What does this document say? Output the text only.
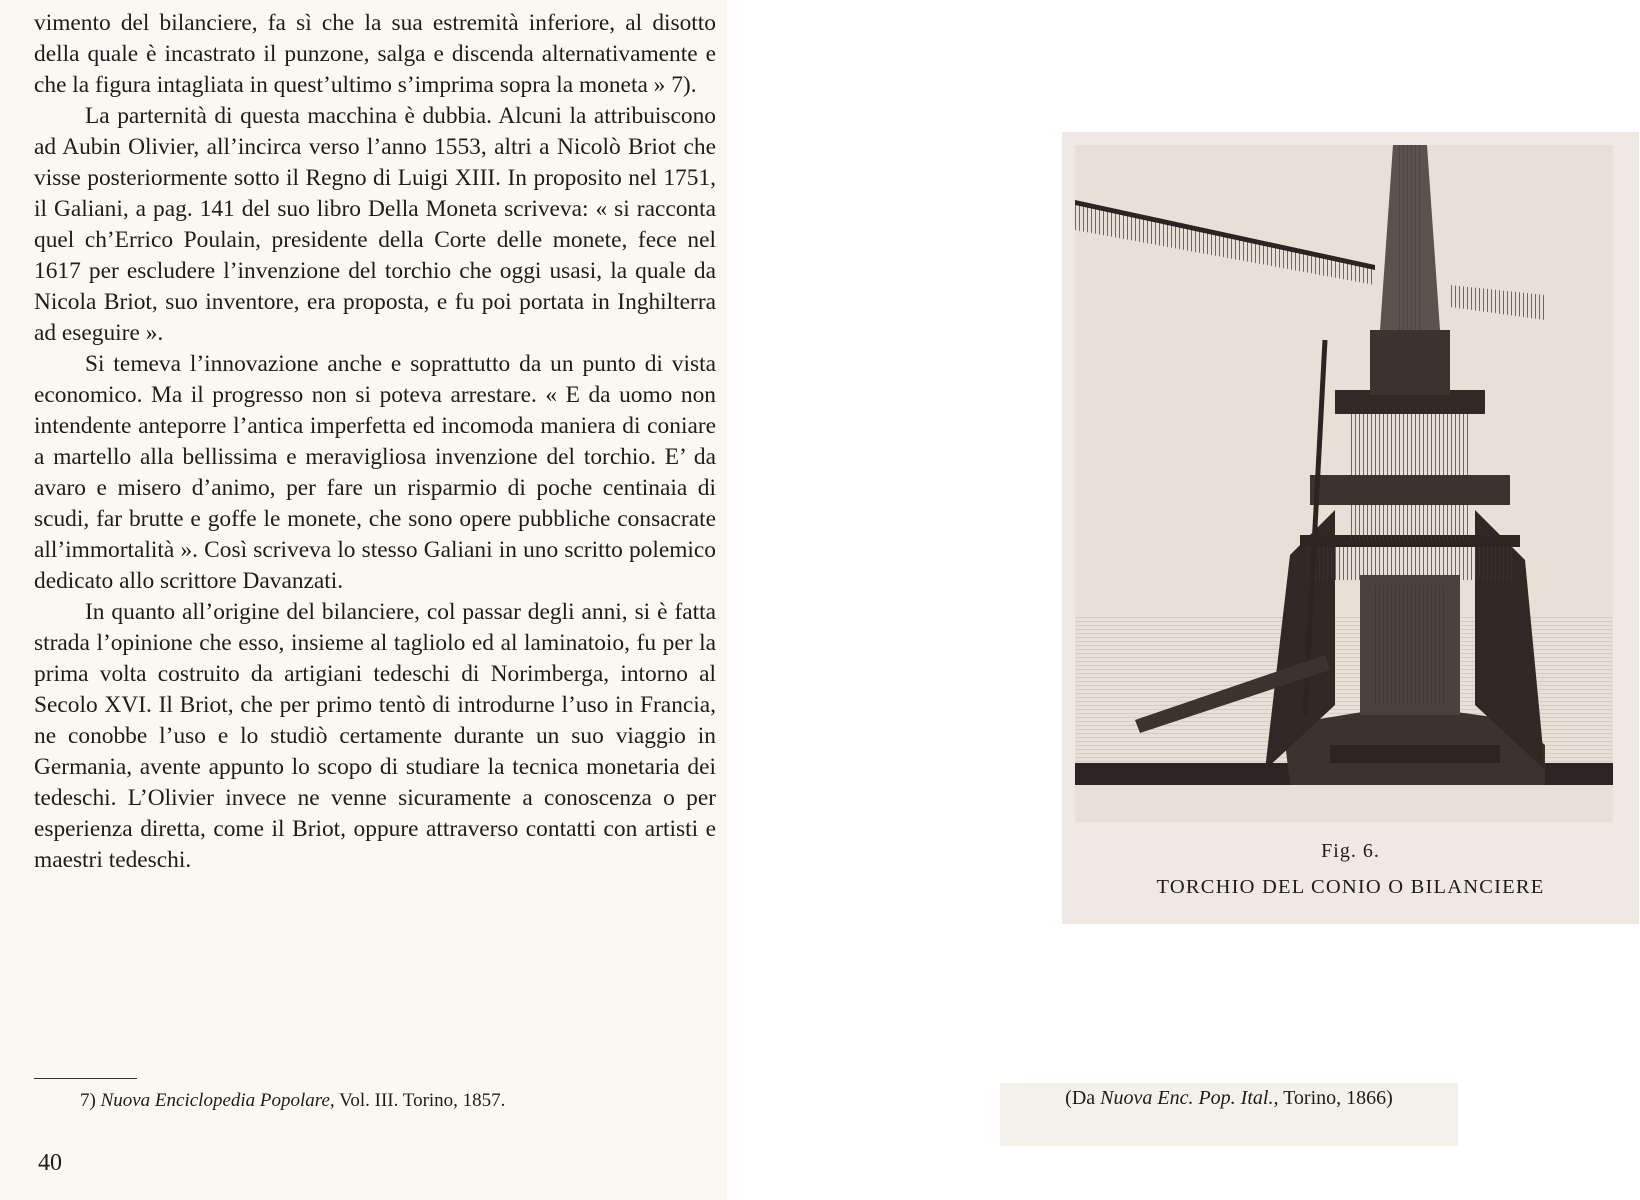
vimento del bilanciere, fa sì che la sua estremità inferiore, al disotto della quale è incastrato il punzone, salga e discenda alternativamente e che la figura intagliata in quest’ultimo s’imprima sopra la moneta » 7).

La parternità di questa macchina è dubbia. Alcuni la attribuiscono ad Aubin Olivier, all’incirca verso l’anno 1553, altri a Nicolò Briot che visse posteriormente sotto il Regno di Luigi XIII. In proposito nel 1751, il Galiani, a pag. 141 del suo libro Della Moneta scriveva: « si racconta quel ch’Errico Poulain, presidente della Corte delle monete, fece nel 1617 per escludere l’invenzione del torchio che oggi usasi, la quale da Nicola Briot, suo inventore, era proposta, e fu poi portata in Inghilterra ad eseguire ».

Si temeva l’innovazione anche e soprattutto da un punto di vista economico. Ma il progresso non si poteva arrestare. « E da uomo non intendente anteporre l’antica imperfetta ed incomoda maniera di coniare a martello alla bellissima e meravigliosa invenzione del torchio. E’ da avaro e misero d’animo, per fare un risparmio di poche centinaia di scudi, far brutte e goffe le monete, che sono opere pubbliche consacrate all’immortalità ». Così scriveva lo stesso Galiani in uno scritto polemico dedicato allo scrittore Davanzati.

In quanto all’origine del bilanciere, col passar degli anni, si è fatta strada l’opinione che esso, insieme al tagliolo ed al laminatoio, fu per la prima volta costruito da artigiani tedeschi di Norimberga, intorno al Secolo XVI. Il Briot, che per primo tentò di introdurne l’uso in Francia, ne conobbe l’uso e lo studiò certamente durante un suo viaggio in Germania, avente appunto lo scopo di studiare la tecnica monetaria dei tedeschi. L’Olivier invece ne venne sicuramente a conoscenza o per esperienza diretta, come il Briot, oppure attraverso contatti con artisti e maestri tedeschi.

7) Nuova Enciclopedia Popolare, Vol. III. Torino, 1857.
40
Fig. 6.
TORCHIO DEL CONIO O BILANCIERE
(Da Nuova Enc. Pop. Ital., Torino, 1866)
